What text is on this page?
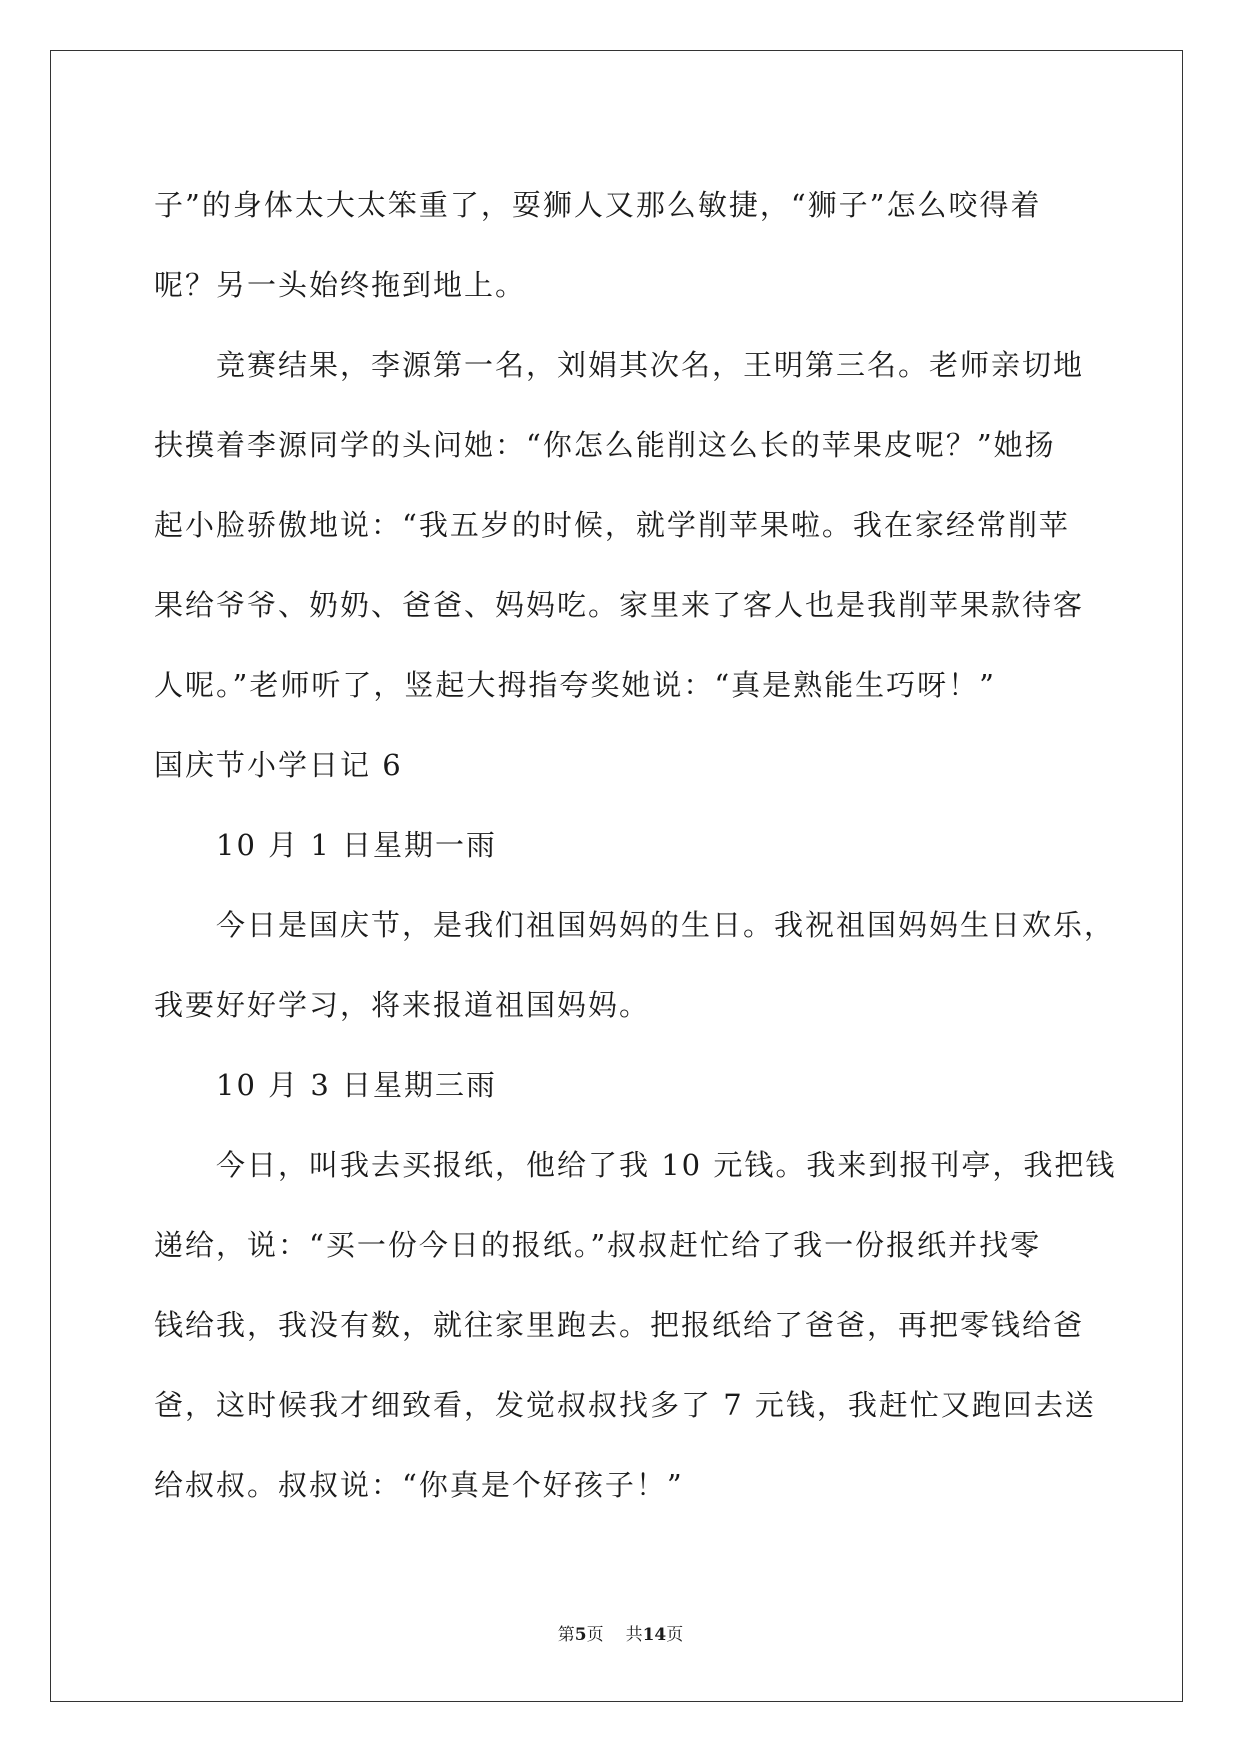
子”的身体太大太笨重了，耍狮人又那么敏捷，“狮子”怎么咬得着
呢？另一头始终拖到地上。
竞赛结果，李源第一名，刘娟其次名，王明第三名。老师亲切地
扶摸着李源同学的头问她：“你怎么能削这么长的苹果皮呢？”她扬
起小脸骄傲地说：“我五岁的时候，就学削苹果啦。我在家经常削苹
果给爷爷、奶奶、爸爸、妈妈吃。家里来了客人也是我削苹果款待客
人呢。”老师听了，竖起大拇指夸奖她说：“真是熟能生巧呀！”
国庆节小学日记 6
10 月 1 日星期一雨
今日是国庆节，是我们祖国妈妈的生日。我祝祖国妈妈生日欢乐，
我要好好学习，将来报道祖国妈妈。
10 月 3 日星期三雨
今日，叫我去买报纸，他给了我 10 元钱。我来到报刊亭，我把钱
递给，说：“买一份今日的报纸。”叔叔赶忙给了我一份报纸并找零
钱给我，我没有数，就往家里跑去。把报纸给了爸爸，再把零钱给爸
爸，这时候我才细致看，发觉叔叔找多了 7 元钱，我赶忙又跑回去送
给叔叔。叔叔说：“你真是个好孩子！”
第5页 共14页
